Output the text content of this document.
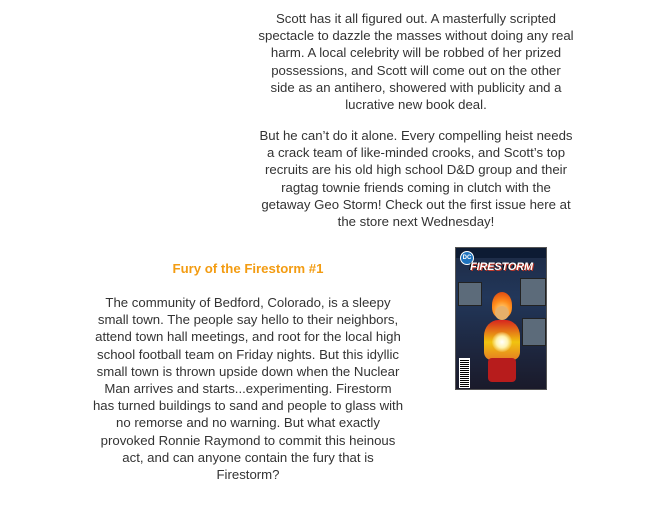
Scott has it all figured out. A masterfully scripted spectacle to dazzle the masses without doing any real harm. A local celebrity will be robbed of her prized possessions, and Scott will come out on the other side as an antihero, showered with publicity and a lucrative new book deal.

But he can’t do it alone. Every compelling heist needs a crack team of like-minded crooks, and Scott’s top recruits are his old high school D&D group and their ragtag townie friends coming in clutch with the getaway Geo Storm! Check out the first issue here at the store next Wednesday!

Fury of the Firestorm #1

The community of Bedford, Colorado, is a sleepy small town. The people say hello to their neighbors, attend town hall meetings, and root for the local high school football team on Friday nights. But this idyllic small town is thrown upside down when the Nuclear Man arrives and starts...experimenting. Firestorm has turned buildings to sand and people to glass with no remorse and no warning. But what exactly provoked Ronnie Raymond to commit this heinous act, and can anyone contain the fury that is Firestorm?

DC
FIRESTORM
